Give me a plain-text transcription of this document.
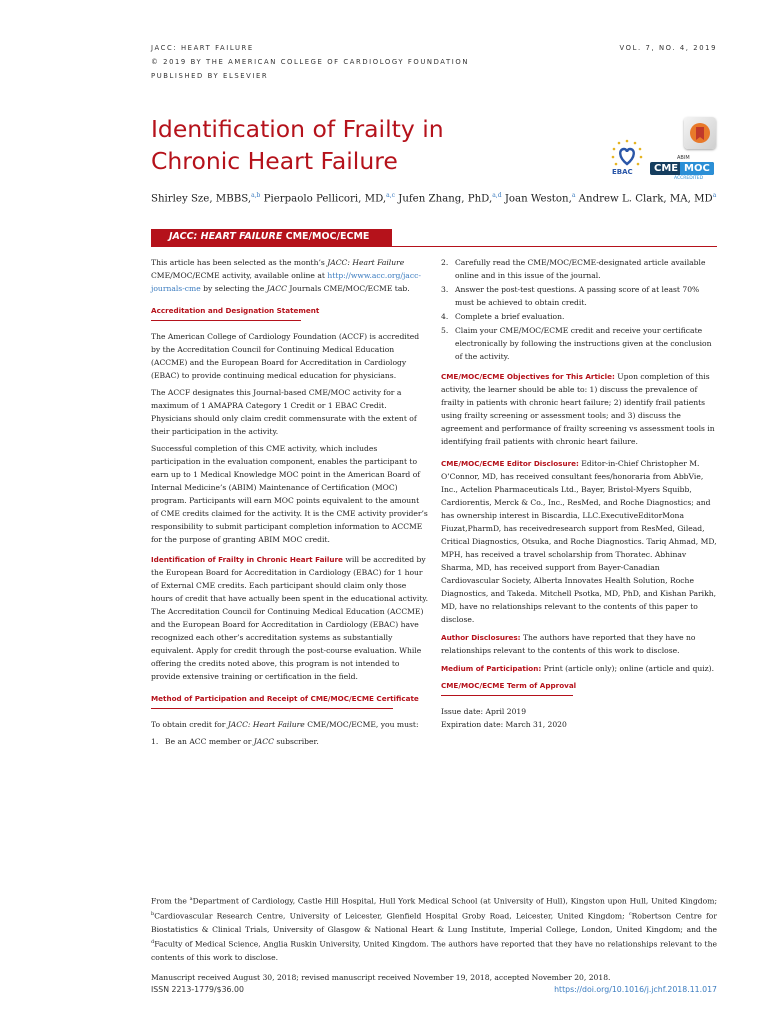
JACC: HEART FAILURE
© 2019 BY THE AMERICAN COLLEGE OF CARDIOLOGY FOUNDATION
PUBLISHED BY ELSEVIER
VOL. 7, NO. 4, 2019
Identification of Frailty in
Chronic Heart Failure	EBAC
ABIM
CME MOC
ACCREDITED
Shirley Sze, MBBS,$^{a,b}$ Pierpaolo Pellicori, MD,$^{a,c}$ Jufen Zhang, PhD,$^{a,d}$ Joan Weston,$^a$ Andrew L. Clark, MA, $MD^a$
JACC: HEART FAILURE CME/MOC/ECME

This article has been selected as the month’s JACC: Heart Failure CME/MOC/ECME activity, available online at http://www.acc.org/jacc-journals-cme by selecting the JACC Journals CME/MOC/ECME tab.

Accreditation and Designation Statement

The American College of Cardiology Foundation (ACCF) is accredited by the Accreditation Council for Continuing Medical Education (ACCME) and the European Board for Accreditation in Cardiology (EBAC) to provide continuing medical education for physicians.

The ACCF designates this Journal-based CME/MOC activity for a maximum of 1 AMAPRA Category 1 Credit or 1 EBAC Credit. Physicians should only claim credit commensurate with the extent of their participation in the activity.

Successful completion of this CME activity, which includes participation in the evaluation component, enables the participant to earn up to 1 Medical Knowledge MOC point in the American Board of Internal Medicine’s (ABIM) Maintenance of Certification (MOC) program. Participants will earn MOC points equivalent to the amount of CME credits claimed for the activity. It is the CME activity provider’s responsibility to submit participant completion information to ACCME for the purpose of granting ABIM MOC credit.

Identification of Frailty in Chronic Heart Failure will be accredited by the European Board for Accreditation in Cardiology (EBAC) for 1 hour of External CME credits. Each participant should claim only those hours of credit that have actually been spent in the educational activity. The Accreditation Council for Continuing Medical Education (ACCME) and the European Board for Accreditation in Cardiology (EBAC) have recognized each other’s accreditation systems as substantially equivalent. Apply for credit through the post-course evaluation. While offering the credits noted above, this program is not intended to provide extensive training or certification in the field.

Method of Participation and Receipt of CME/MOC/ECME Certificate

To obtain credit for JACC: Heart Failure CME/MOC/ECME, you must:

1. Be an ACC member or JACC subscriber.
2. Carefully read the CME/MOC/ECME-designated article available online and in this issue of the journal.
3. Answer the post-test questions. A passing score of at least 70% must be achieved to obtain credit.
4. Complete a brief evaluation.
5. Claim your CME/MOC/ECME credit and receive your certificate electronically by following the instructions given at the conclusion of the activity.

CME/MOC/ECME Objectives for This Article: Upon completion of this activity, the learner should be able to: 1) discuss the prevalence of frailty in patients with chronic heart failure; 2) identify frail patients using frailty screening or assessment tools; and 3) discuss the agreement and performance of frailty screening vs assessment tools in identifying frail patients with chronic heart failure.

CME/MOC/ECME Editor Disclosure: Editor-in-Chief Christopher M. O’Connor, MD, has received consultant fees/honoraria from AbbVie, Inc., Actelion Pharmaceuticals Ltd., Bayer, Bristol-Myers Squibb, Cardiorentis, Merck & Co., Inc., ResMed, and Roche Diagnostics; and has ownership interest in Biscardia, LLC.ExecutiveEditorMona Fiuzat,PharmD, has receivedresearch support from ResMed, Gilead, Critical Diagnostics, Otsuka, and Roche Diagnostics. Tariq Ahmad, MD, MPH, has received a travel scholarship from Thoratec. Abhinav Sharma, MD, has received support from Bayer-Canadian Cardiovascular Society, Alberta Innovates Health Solution, Roche Diagnostics, and Takeda. Mitchell Psotka, MD, PhD, and Kishan Parikh, MD, have no relationships relevant to the contents of this paper to disclose.

Author Disclosures: The authors have reported that they have no relationships relevant to the contents of this work to disclose.

Medium of Participation: Print (article only); online (article and quiz).

CME/MOC/ECME Term of Approval
Issue date: April 2019
Expiration date: March 31, 2020
From the $^a$Department of Cardiology, Castle Hill Hospital, Hull York Medical School (at University of Hull), Kingston upon Hull, United Kingdom; $^b$Cardiovascular Research Centre, University of Leicester, Glenfield Hospital Groby Road, Leicester, United Kingdom; $^c$Robertson Centre for Biostatistics & Clinical Trials, University of Glasgow & National Heart & Lung Institute, Imperial College, London, United Kingdom; and the $^d$Faculty of Medical Science, Anglia Ruskin University, United Kingdom. The authors have reported that they have no relationships relevant to the contents of this work to disclose.
Manuscript received August 30, 2018; revised manuscript received November 19, 2018, accepted November 20, 2018.
ISSN 2213-1779/$36.00	https://doi.org/10.1016/j.jchf.2018.11.017
